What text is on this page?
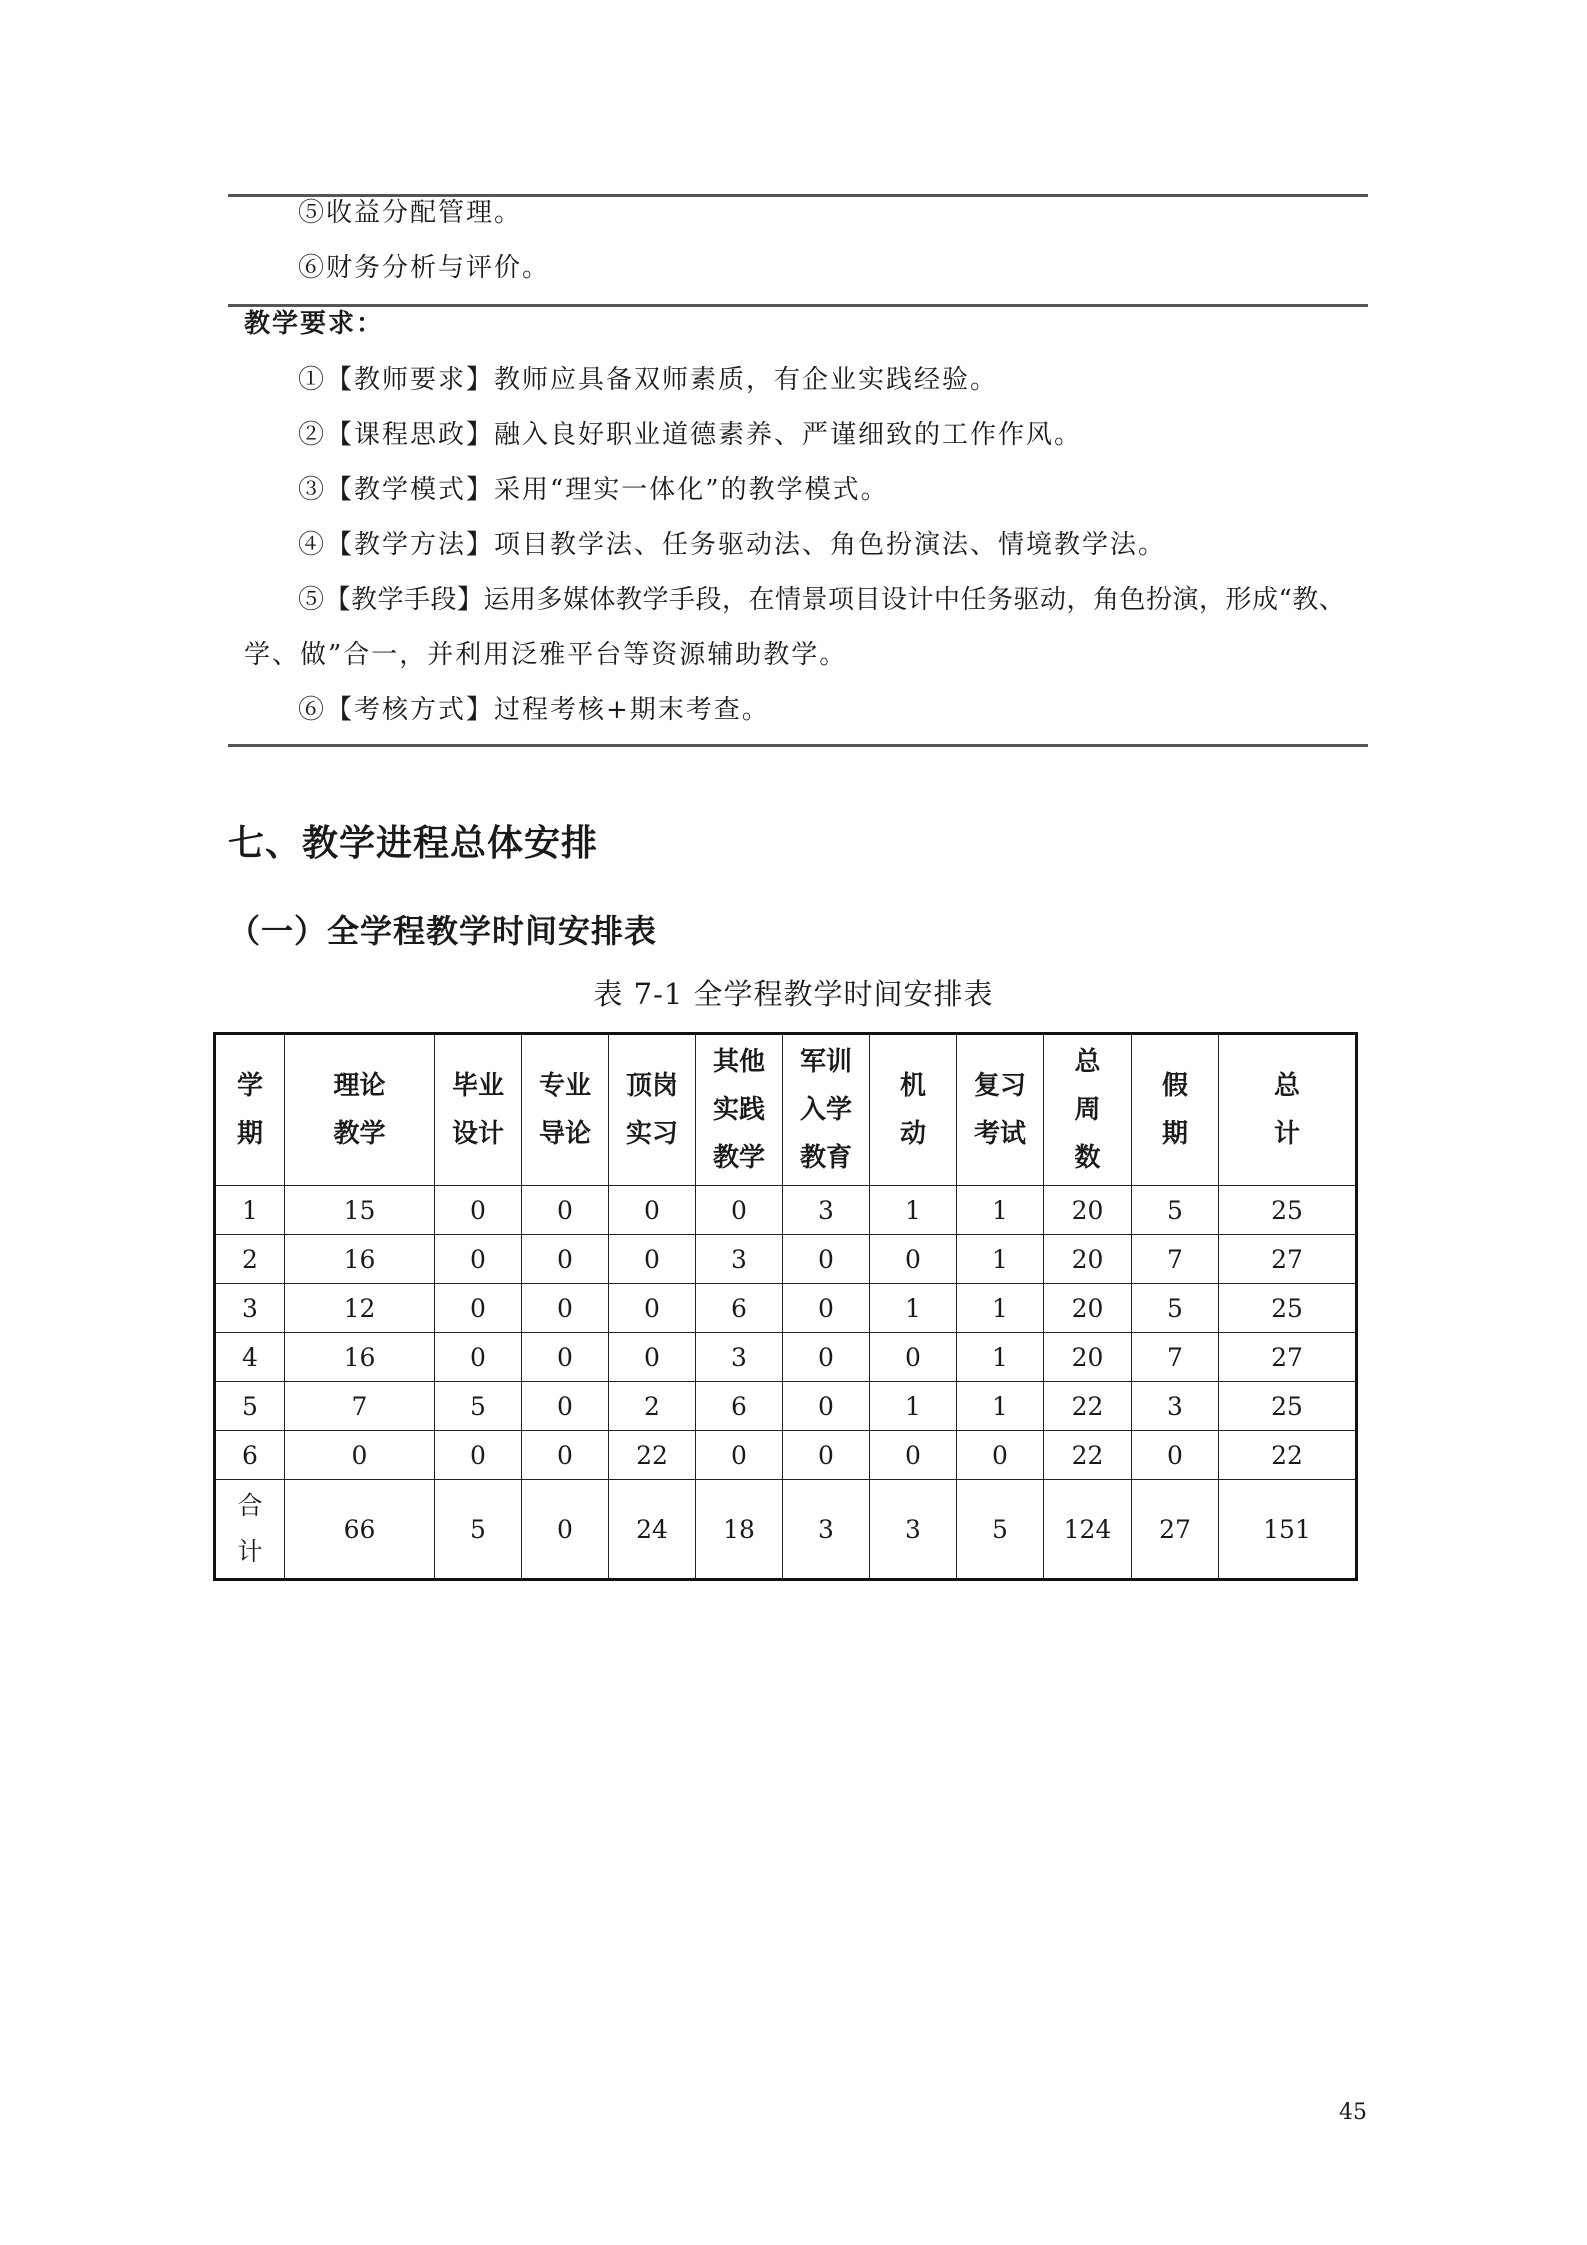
⑤收益分配管理。
⑥财务分析与评价。
教学要求：
①【教师要求】教师应具备双师素质，有企业实践经验。
②【课程思政】融入良好职业道德素养、严谨细致的工作作风。
③【教学模式】采用“理实一体化”的教学模式。
④【教学方法】项目教学法、任务驱动法、角色扮演法、情境教学法。
⑤【教学手段】运用多媒体教学手段，在情景项目设计中任务驱动，角色扮演，形成“教、
学、做”合一，并利用泛雅平台等资源辅助教学。
⑥【考核方式】过程考核+期末考查。
七、教学进程总体安排
（一）全学程教学时间安排表
表 7-1 全学程教学时间安排表
学期	理论教学	毕业设计	专业导论	顶岗实习	其他实践教学	军训入学教育	机动	复习考试	总周数	假期	总计
1	15	0	0	0	0	3	1	1	20	5	25
2	16	0	0	0	3	0	0	1	20	7	27
3	12	0	0	0	6	0	1	1	20	5	25
4	16	0	0	0	3	0	0	1	20	7	27
5	7	5	0	2	6	0	1	1	22	3	25
6	0	0	0	22	0	0	0	0	22	0	22
合计	66	5	0	24	18	3	3	5	124	27	151
45
